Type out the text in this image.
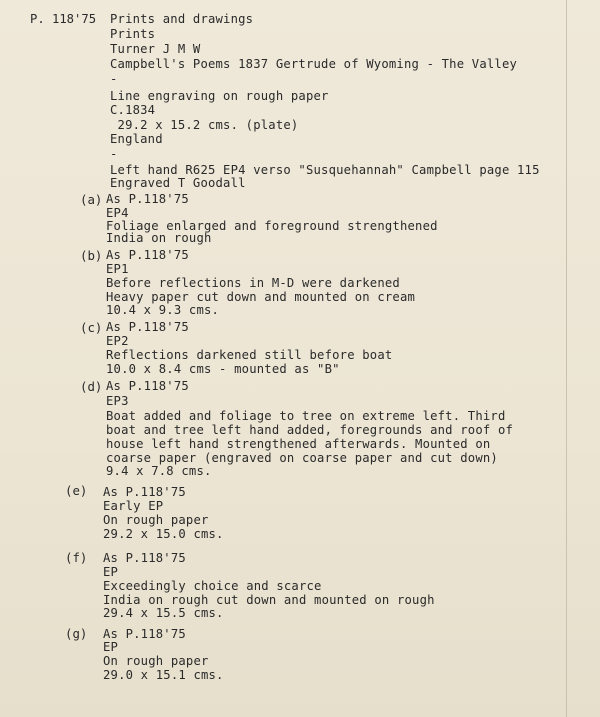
P. 118'75 Prints and drawings
Prints
Turner J M W
Campbell's Poems 1837 Gertrude of Wyoming - The Valley
-
Line engraving on rough paper
C.1834
29.2 x 15.2 cms. (plate)
England
-
Left hand R625 EP4 verso "Susquehannah" Campbell page 115
Engraved T Goodall
(a) As P.118'75
EP4
Foliage enlarged and foreground strengthened
India on rough
(b) As P.118'75
EP1
Before reflections in M-D were darkened
Heavy paper cut down and mounted on cream
10.4 x 9.3 cms.
(c) As P.118'75
EP2
Reflections darkened still before boat
10.0 x 8.4 cms - mounted as "B"
(d) As P.118'75
EP3
Boat added and foliage to tree on extreme left. Third
boat and tree left hand added, foregrounds and roof of
house left hand strengthened afterwards. Mounted on
coarse paper (engraved on coarse paper and cut down)
9.4 x 7.8 cms.
(e) As P.118'75
Early EP
On rough paper
29.2 x 15.0 cms.
(f) As P.118'75
EP
Exceedingly choice and scarce
India on rough cut down and mounted on rough
29.4 x 15.5 cms.
(g) As P.118'75
EP
On rough paper
29.0 x 15.1 cms.
